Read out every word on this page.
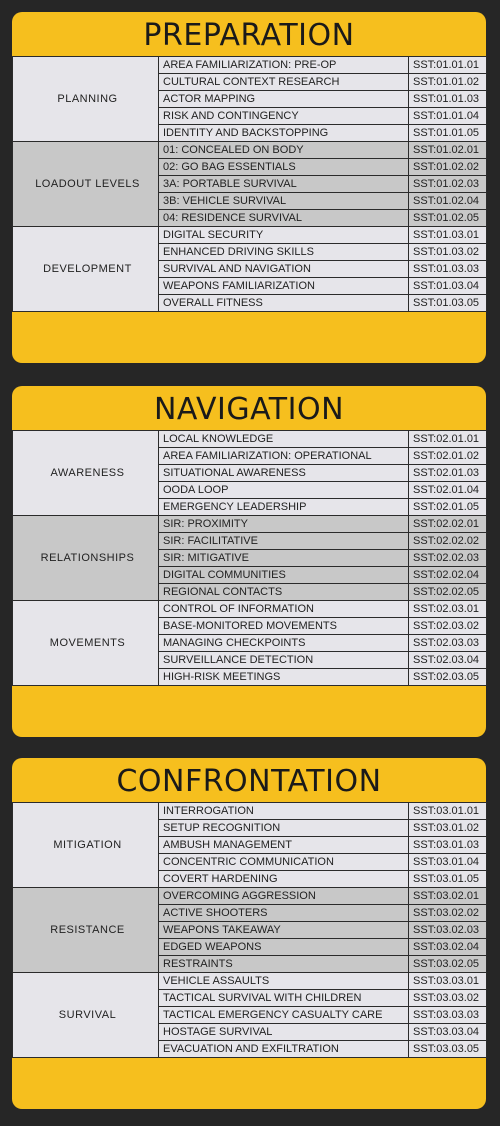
PREPARATION
PLANNING	AREA FAMILIARIZATION: PRE-OP	SST:01.01.01
	CULTURAL CONTEXT RESEARCH	SST:01.01.02
	ACTOR MAPPING	SST:01.01.03
	RISK AND CONTINGENCY	SST:01.01.04
	IDENTITY AND BACKSTOPPING	SST:01.01.05
LOADOUT LEVELS	01: CONCEALED ON BODY	SST:01.02.01
	02: GO BAG ESSENTIALS	SST:01.02.02
	3A: PORTABLE SURVIVAL	SST:01.02.03
	3B: VEHICLE SURVIVAL	SST:01.02.04
	04: RESIDENCE SURVIVAL	SST:01.02.05
DEVELOPMENT	DIGITAL SECURITY	SST:01.03.01
	ENHANCED DRIVING SKILLS	SST:01.03.02
	SURVIVAL AND NAVIGATION	SST:01.03.03
	WEAPONS FAMILIARIZATION	SST:01.03.04
	OVERALL FITNESS	SST:01.03.05
NAVIGATION
AWARENESS	LOCAL KNOWLEDGE	SST:02.01.01
	AREA FAMILIARIZATION: OPERATIONAL	SST:02.01.02
	SITUATIONAL AWARENESS	SST:02.01.03
	OODA LOOP	SST:02.01.04
	EMERGENCY LEADERSHIP	SST:02.01.05
RELATIONSHIPS	SIR: PROXIMITY	SST:02.02.01
	SIR: FACILITATIVE	SST:02.02.02
	SIR: MITIGATIVE	SST:02.02.03
	DIGITAL COMMUNITIES	SST:02.02.04
	REGIONAL CONTACTS	SST:02.02.05
MOVEMENTS	CONTROL OF INFORMATION	SST:02.03.01
	BASE-MONITORED MOVEMENTS	SST:02.03.02
	MANAGING CHECKPOINTS	SST:02.03.03
	SURVEILLANCE DETECTION	SST:02.03.04
	HIGH-RISK MEETINGS	SST:02.03.05
CONFRONTATION
MITIGATION	INTERROGATION	SST:03.01.01
	SETUP RECOGNITION	SST:03.01.02
	AMBUSH MANAGEMENT	SST:03.01.03
	CONCENTRIC COMMUNICATION	SST:03.01.04
	COVERT HARDENING	SST:03.01.05
RESISTANCE	OVERCOMING AGGRESSION	SST:03.02.01
	ACTIVE SHOOTERS	SST:03.02.02
	WEAPONS TAKEAWAY	SST:03.02.03
	EDGED WEAPONS	SST:03.02.04
	RESTRAINTS	SST:03.02.05
SURVIVAL	VEHICLE ASSAULTS	SST:03.03.01
	TACTICAL SURVIVAL WITH CHILDREN	SST:03.03.02
	TACTICAL EMERGENCY CASUALTY CARE	SST:03.03.03
	HOSTAGE SURVIVAL	SST:03.03.04
	EVACUATION AND EXFILTRATION	SST:03.03.05
